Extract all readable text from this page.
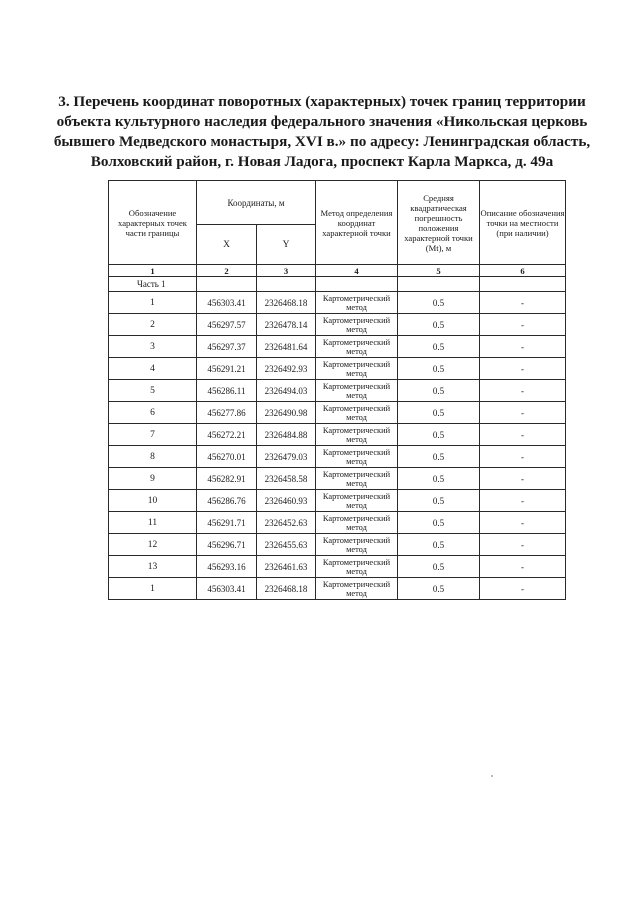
3. Перечень координат поворотных (характерных) точек границ территории
объекта культурного наследия федерального значения «Никольская церковь
бывшего Медведского монастыря, XVI в.» по адресу: Ленинградская область,
Волховский район, г. Новая Ладога, проспект Карла Маркса, д. 49а
Обозначение характерных точек части границы	Координаты, м		Метод определения координат характерной точки	Средняя квадратическая погрешность положения характерной точки (Mt), м	Описание обозначения точки на местности (при наличии)
	X	Y			
1	2	3	4	5	6
Часть 1					
1	456303.41	2326468.18	Картометрический метод	0.5	-
2	456297.57	2326478.14	Картометрический метод	0.5	-
3	456297.37	2326481.64	Картометрический метод	0.5	-
4	456291.21	2326492.93	Картометрический метод	0.5	-
5	456286.11	2326494.03	Картометрический метод	0.5	-
6	456277.86	2326490.98	Картометрический метод	0.5	-
7	456272.21	2326484.88	Картометрический метод	0.5	-
8	456270.01	2326479.03	Картометрический метод	0.5	-
9	456282.91	2326458.58	Картометрический метод	0.5	-
10	456286.76	2326460.93	Картометрический метод	0.5	-
11	456291.71	2326452.63	Картометрический метод	0.5	-
12	456296.71	2326455.63	Картометрический метод	0.5	-
13	456293.16	2326461.63	Картометрический метод	0.5	-
1	456303.41	2326468.18	Картометрический метод	0.5	-
